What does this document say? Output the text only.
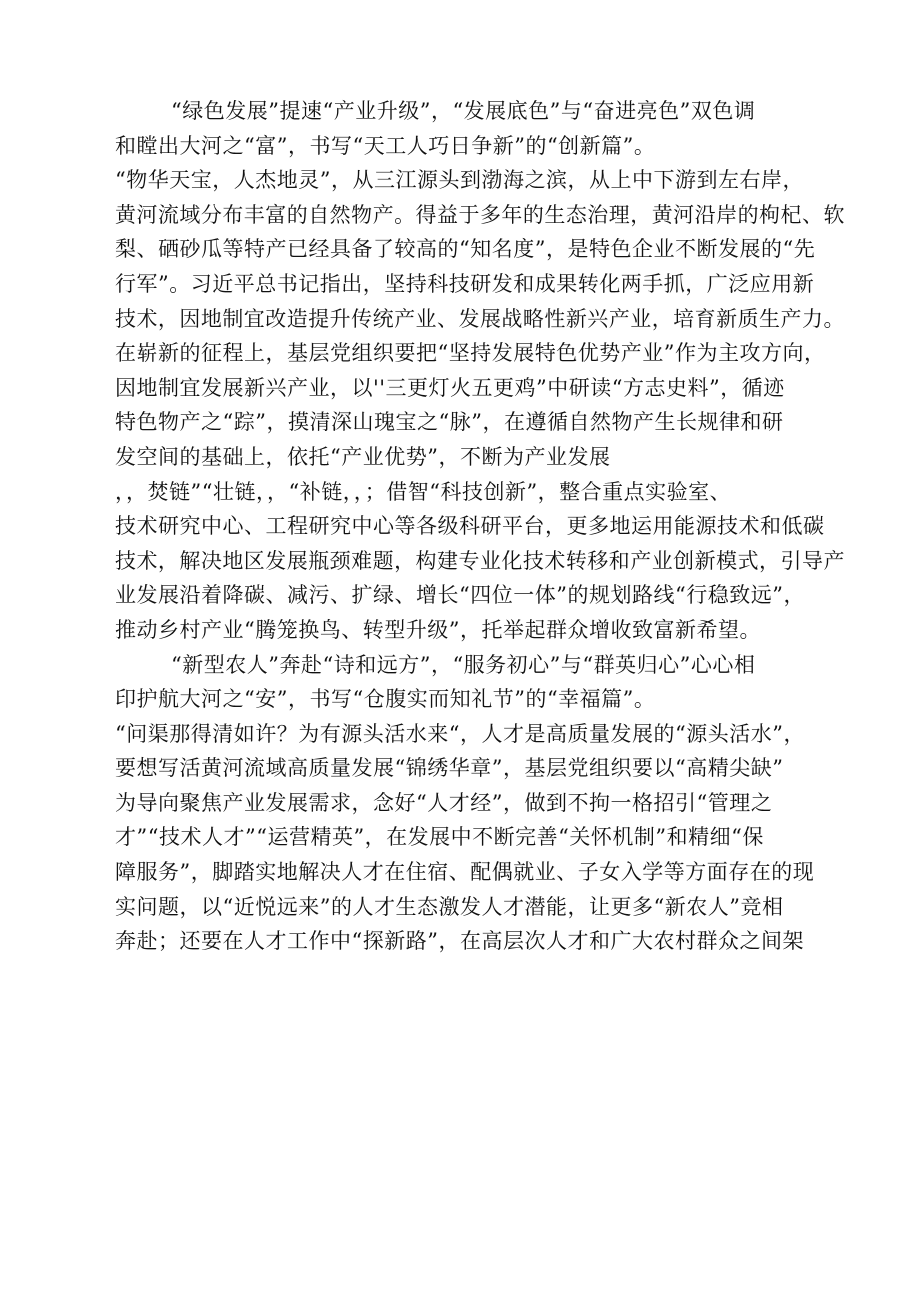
“绿色发展”提速“产业升级”，“发展底色”与“奋进亮色”双色调
和瞠出大河之“富”，书写“天工人巧日争新”的“创新篇”。
“物华天宝，人杰地灵”，从三江源头到渤海之滨，从上中下游到左右岸，
黄河流域分布丰富的自然物产。得益于多年的生态治理，黄河沿岸的枸杞、软
梨、硒砂瓜等特产已经具备了较高的“知名度”，是特色企业不断发展的“先
行军”。习近平总书记指出，坚持科技研发和成果转化两手抓，广泛应用新
技术，因地制宜改造提升传统产业、发展战略性新兴产业，培育新质生产力。
在崭新的征程上，基层党组织要把“坚持发展特色优势产业”作为主攻方向，
因地制宜发展新兴产业，以''三更灯火五更鸡”中研读“方志史料”，循迹
特色物产之“踪”，摸清深山瑰宝之“脉”，在遵循自然物产生长规律和研
发空间的基础上，依托“产业优势”，不断为产业发展
，，焚链”“壮链，，“补链，，；借智“科技创新”，整合重点实验室、
技术研究中心、工程研究中心等各级科研平台，更多地运用能源技术和低碳
技术，解决地区发展瓶颈难题，构建专业化技术转移和产业创新模式，引导产
业发展沿着降碳、减污、扩绿、增长“四位一体”的规划路线“行稳致远”，
推动乡村产业“腾笼换鸟、转型升级”，托举起群众增收致富新希望。
“新型农人”奔赴“诗和远方”，“服务初心”与“群英归心”心心相
印护航大河之“安”，书写“仓腹实而知礼节”的“幸福篇”。
“问渠那得清如许？为有源头活水来“，人才是高质量发展的“源头活水”，
要想写活黄河流域高质量发展“锦绣华章”，基层党组织要以“高精尖缺”
为导向聚焦产业发展需求，念好“人才经”，做到不拘一格招引“管理之
才”“技术人才”“运营精英”，在发展中不断完善“关怀机制”和精细“保
障服务”，脚踏实地解决人才在住宿、配偶就业、子女入学等方面存在的现
实问题，以“近悦远来”的人才生态激发人才潜能，让更多“新农人”竞相
奔赴；还要在人才工作中“探新路”，在高层次人才和广大农村群众之间架
